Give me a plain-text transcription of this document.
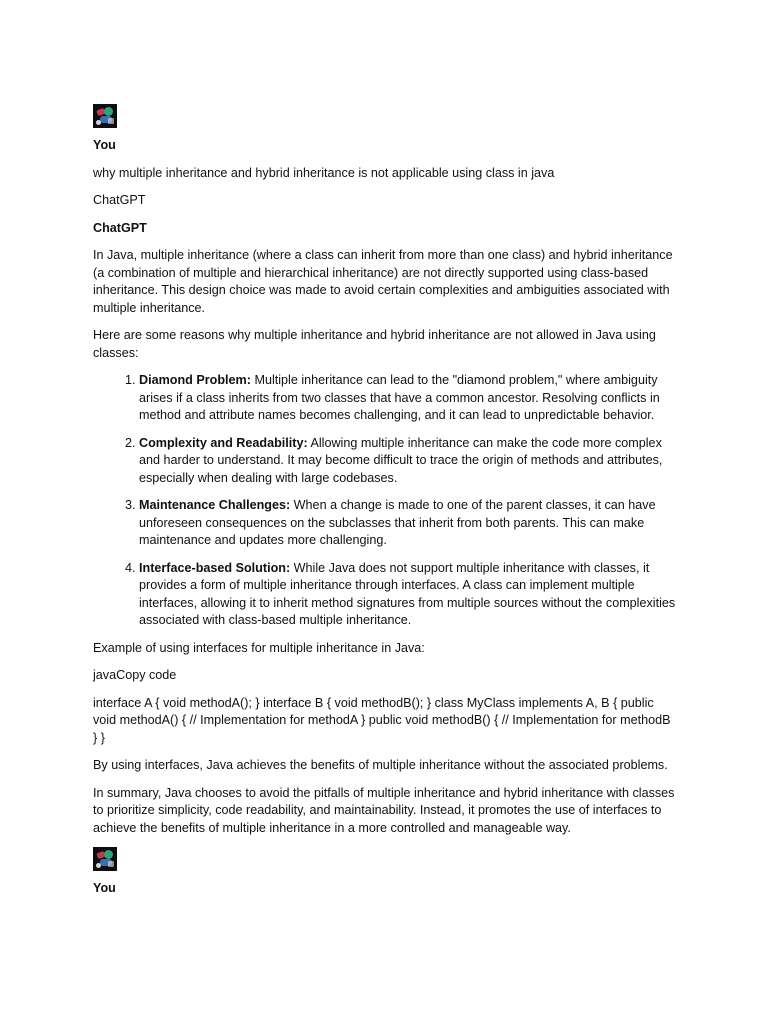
You

why multiple inheritance and hybrid inheritance is not applicable using class in java

ChatGPT

ChatGPT

In Java, multiple inheritance (where a class can inherit from more than one class) and hybrid inheritance (a combination of multiple and hierarchical inheritance) are not directly supported using class-based inheritance. This design choice was made to avoid certain complexities and ambiguities associated with multiple inheritance.

Here are some reasons why multiple inheritance and hybrid inheritance are not allowed in Java using classes:

1. Diamond Problem: Multiple inheritance can lead to the "diamond problem," where ambiguity arises if a class inherits from two classes that have a common ancestor. Resolving conflicts in method and attribute names becomes challenging, and it can lead to unpredictable behavior.
2. Complexity and Readability: Allowing multiple inheritance can make the code more complex and harder to understand. It may become difficult to trace the origin of methods and attributes, especially when dealing with large codebases.
3. Maintenance Challenges: When a change is made to one of the parent classes, it can have unforeseen consequences on the subclasses that inherit from both parents. This can make maintenance and updates more challenging.
4. Interface-based Solution: While Java does not support multiple inheritance with classes, it provides a form of multiple inheritance through interfaces. A class can implement multiple interfaces, allowing it to inherit method signatures from multiple sources without the complexities associated with class-based multiple inheritance.

Example of using interfaces for multiple inheritance in Java:

javaCopy code

interface A { void methodA(); } interface B { void methodB(); } class MyClass implements A, B { public void methodA() { // Implementation for methodA } public void methodB() { // Implementation for methodB } }

By using interfaces, Java achieves the benefits of multiple inheritance without the associated problems.

In summary, Java chooses to avoid the pitfalls of multiple inheritance and hybrid inheritance with classes to prioritize simplicity, code readability, and maintainability. Instead, it promotes the use of interfaces to achieve the benefits of multiple inheritance in a more controlled and manageable way.

You
